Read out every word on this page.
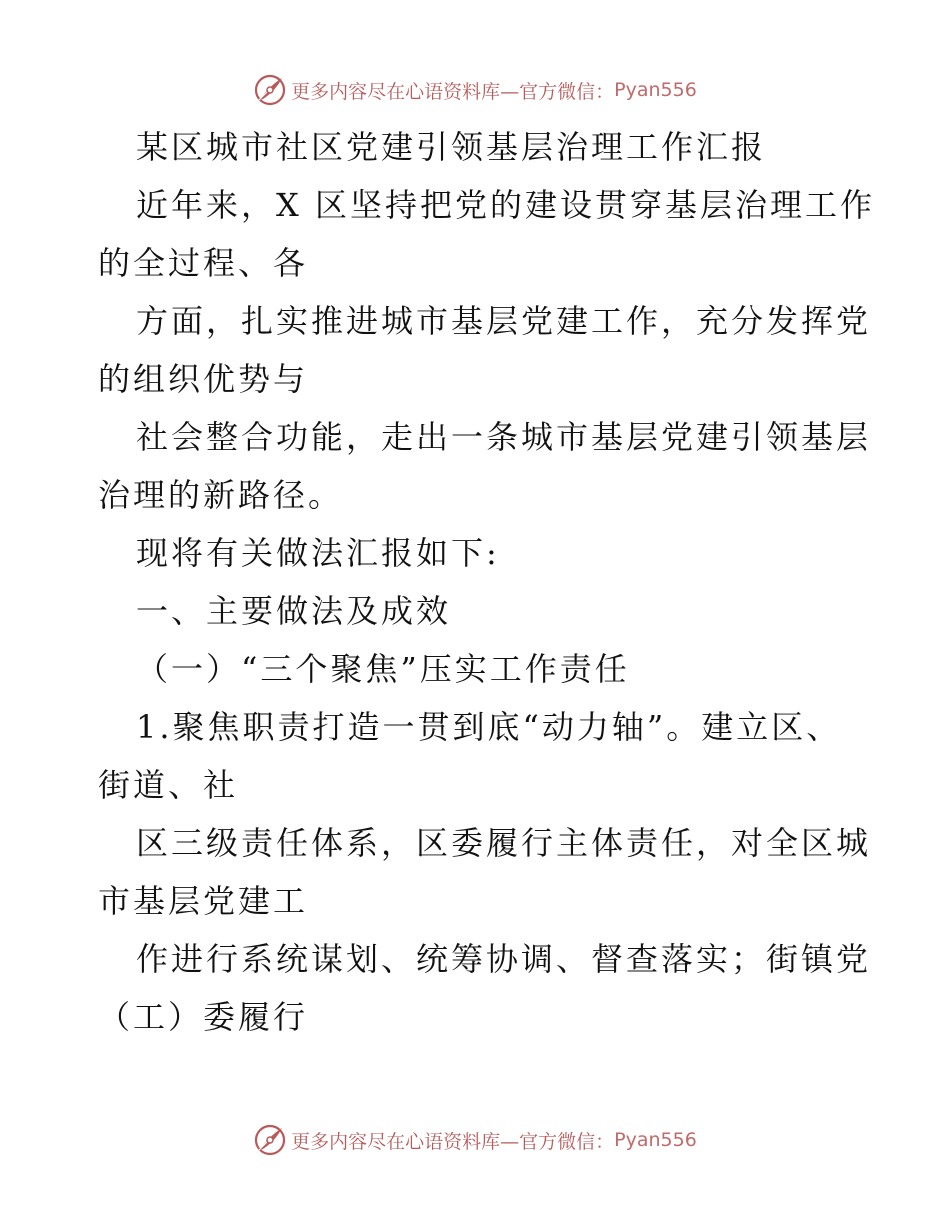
更多内容尽在心语资料库—官方微信： Pyan556
某区城市社区党建引领基层治理工作汇报
近年来，X 区坚持把党的建设贯穿基层治理工作
的全过程、各
方面，扎实推进城市基层党建工作，充分发挥党
的组织优势与
社会整合功能，走出一条城市基层党建引领基层
治理的新路径。
现将有关做法汇报如下:
一、主要做法及成效
（一）“三个聚焦”压实工作责任
1.聚焦职责打造一贯到底“动力轴”。建立区、
街道、社
区三级责任体系，区委履行主体责任，对全区城
市基层党建工
作进行系统谋划、统筹协调、督查落实；街镇党
（工）委履行
更多内容尽在心语资料库—官方微信： Pyan556
